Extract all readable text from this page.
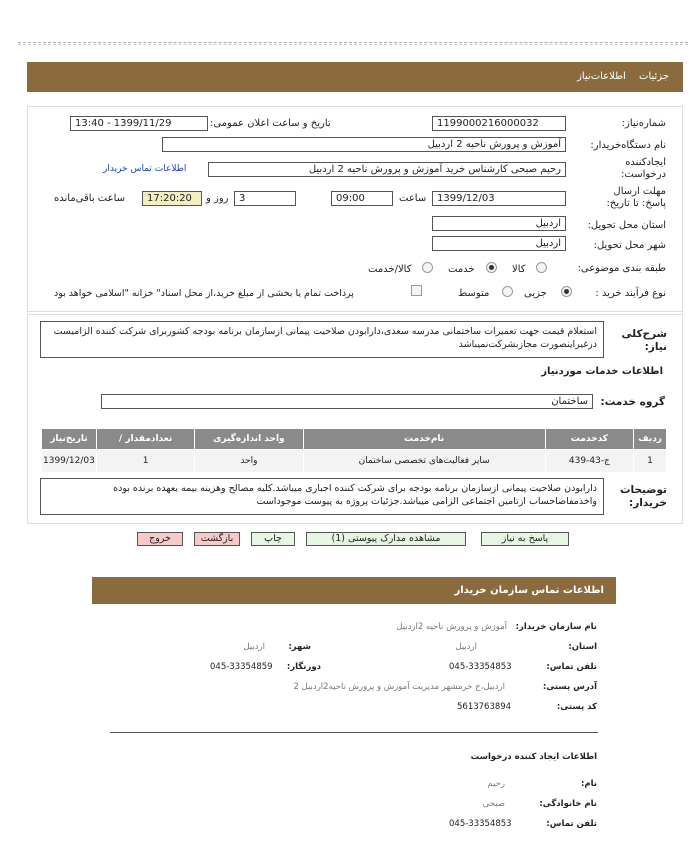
جزئیات اطلاعات‌نیاز
شماره‌نیاز:
1199000216000032
تاریخ و ساعت اعلان عمومی:
1399/11/29 - 13:40
نام دستگاه‌خریدار:
آموزش و پرورش ناحیه 2 اردبیل
ایجادکننده درخواست:
رحیم صبحی کارشناس خرید آموزش و پرورش ناحیه 2 اردبیل
اطلاعات تماس خریدار
مهلت ارسال پاسخ: تا تاریخ:
1399/12/03
ساعت
09:00
3
روز و
17:20:20
ساعت باقی‌مانده
استان محل تحویل:
اردبیل
شهر محل تحویل:
اردبیل
طبقه بندی موضوعی:
کالا
خدمت
کالا/خدمت
نوع فرآیند خرید :
جزیی
متوسط
پرداخت تمام یا بخشی از مبلغ خرید،از محل اسناد" خزانه "اسلامی خواهد بود
شرح‌کلی نیاز:
استعلام قیمت جهت تعمیرات ساختمانی مدرسه سعدی،دارابودن صلاحیت پیمانی ازسازمان برنامه بودجه کشوربرای شرکت کننده الزامیست درغیراینصورت مجازبشرکت‌نمیباشد
اطلاعات خدمات موردنیاز
گروه خدمت:
ساختمان
ردیف	کدخدمت	نام‌خدمت	واحد اندازه‌گیری	تعدادمقدار /	تاریخ‌نیاز
1	ج-43-439	سایر فعالیت‌های تخصصی ساختمان	واحد	1	1399/12/03
توضیحات خریدار:
دارابودن صلاحیت پیمانی ازسازمان برنامه بودجه برای شرکت کننده اجباری میباشد.کلیه مصالح وهزینه بیمه بعهده برنده بوده واخذمفاصاحساب ازتامین اجتماعی الزامی میباشد.جزئیات پروژه به پیوست موجوداست
پاسخ به نیاز
مشاهده مدارک پیوستی (1)
چاپ
بازگشت
خروج
اطلاعات تماس سازمان خریدار
نام سازمان خریدار:
آموزش و پرورش ناحیه 2اردبیل
استان:
اردبیل
شهر:
اردبیل
تلفن تماس:
045-33354853
دورنگار:
045-33354859
آدرس پستی:
اردبیل،خ خرمشهر مدیریت آموزش و پرورش ناحیه‌2اردبیل 2
کد پستی:
5613763894
اطلاعات ایجاد کننده درخواست
نام:
رحیم
نام خانوادگی:
صبحی
تلفن تماس:
045-33354853
